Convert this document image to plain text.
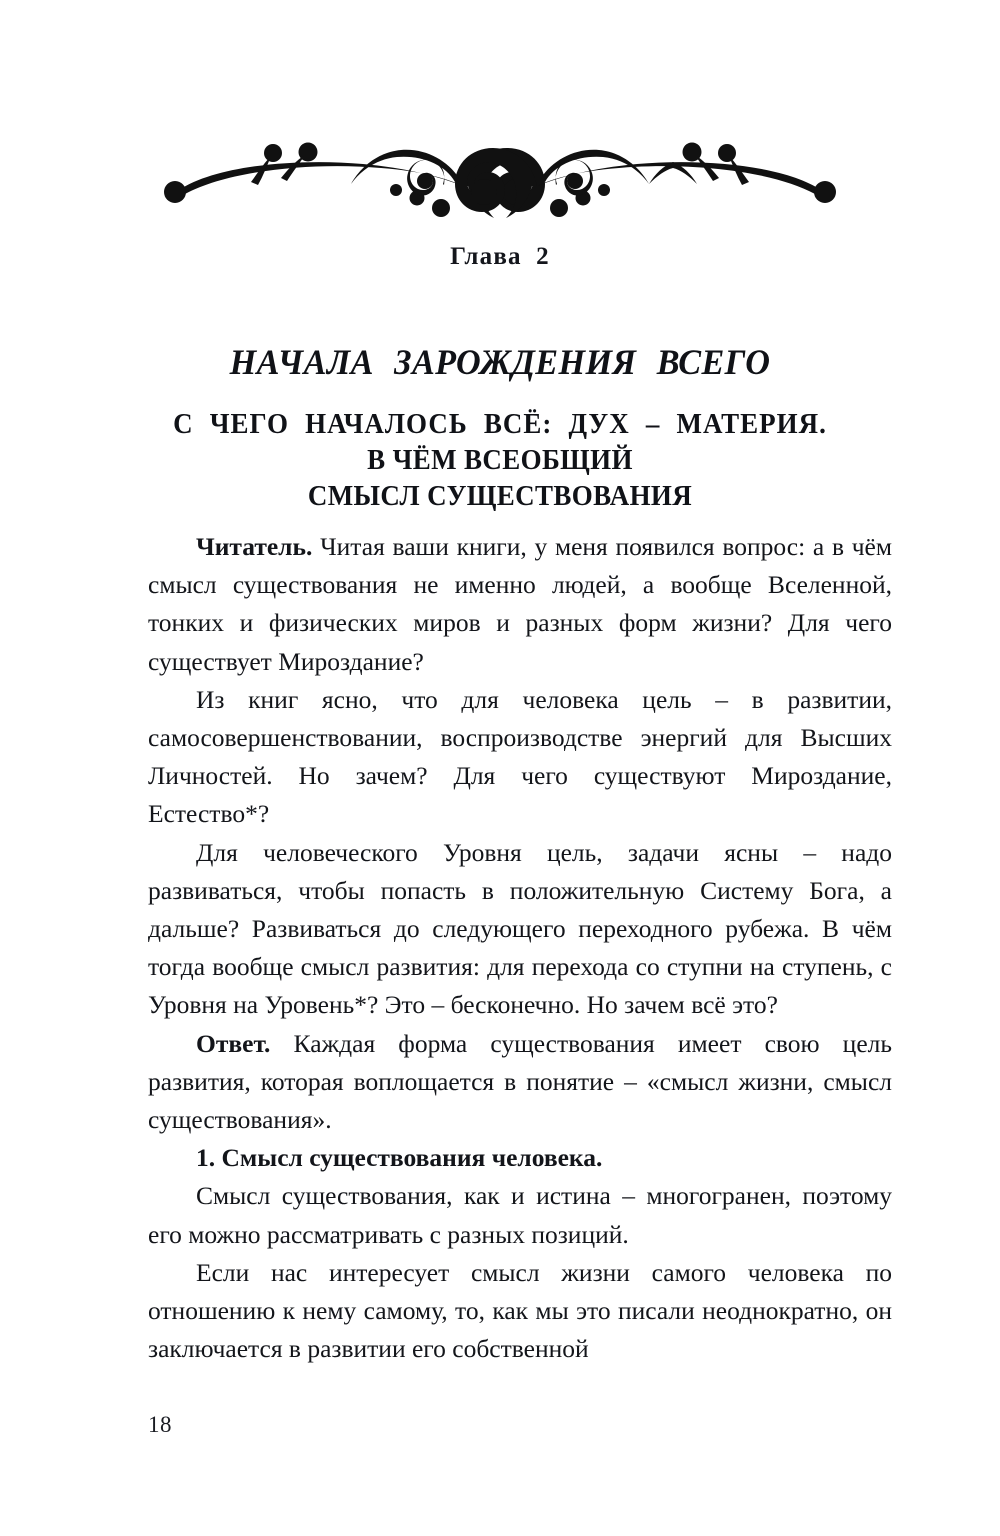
Глава 2
НАЧАЛА ЗАРОЖДЕНИЯ ВСЕГО
С ЧЕГО НАЧАЛОСЬ ВСЁ: ДУХ – МАТЕРИЯ.
В ЧЁМ ВСЕОБЩИЙ
СМЫСЛ СУЩЕСТВОВАНИЯ

Читатель. Читая ваши книги, у меня появился вопрос: а в чём смысл существования не именно людей, а вообще Вселенной, тонких и физических миров и разных форм жизни? Для чего существует Мироздание?

Из книг ясно, что для человека цель – в развитии, самосовершенствовании, воспроизводстве энергий для Высших Личностей. Но зачем? Для чего существуют Мироздание, Естество*?

Для человеческого Уровня цель, задачи ясны – надо развиваться, чтобы попасть в положительную Систему Бога, а дальше? Развиваться до следующего переходного рубежа. В чём тогда вообще смысл развития: для перехода со ступни на ступень, с Уровня на Уровень*? Это – бесконечно. Но зачем всё это?

Ответ. Каждая форма существования имеет свою цель развития, которая воплощается в понятие – «смысл жизни, смысл существования».

1. Смысл существования человека.

Смысл существования, как и истина – многогранен, поэтому его можно рассматривать с разных позиций.

Если нас интересует смысл жизни самого человека по отношению к нему самому, то, как мы это писали неоднократно, он заключается в развитии его собственной

18
